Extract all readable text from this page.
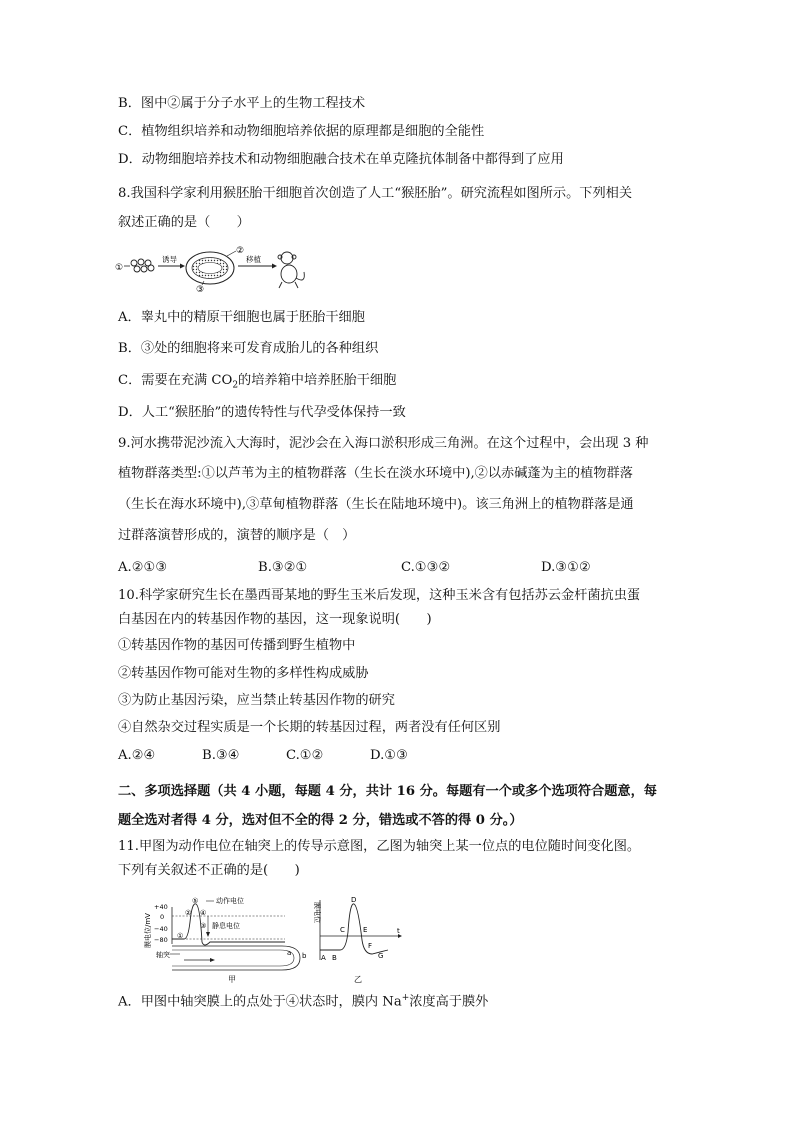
B．图中②属于分子水平上的生物工程技术
C．植物组织培养和动物细胞培养依据的原理都是细胞的全能性
D．动物细胞培养技术和动物细胞融合技术在单克隆抗体制备中都得到了应用
8.我国科学家利用猴胚胎干细胞首次创造了人工“猴胚胎”。研究流程如图所示。下列相关
叙述正确的是（　　）
①
诱导
②
③
移植
A．睾丸中的精原干细胞也属于胚胎干细胞
B．③处的细胞将来可发育成胎儿的各种组织
C．需要在充满 $CO_2$的培养箱中培养胚胎干细胞
D．人工“猴胚胎”的遗传特性与代孕受体保持一致
9.河水携带泥沙流入大海时，泥沙会在入海口淤积形成三角洲。在这个过程中，会出现 3 种
植物群落类型:①以芦苇为主的植物群落（生长在淡水环境中),②以赤碱蓬为主的植物群落
（生长在海水环境中),③草甸植物群落（生长在陆地环境中)。该三角洲上的植物群落是通
过群落演替形成的，演替的顺序是（　）
A.②①③	B.③②①	C.①③②	D.③①②
10.科学家研究生长在墨西哥某地的野生玉米后发现，这种玉米含有包括苏云金杆菌抗虫蛋
白基因在内的转基因作物的基因，这一现象说明(　　)
①转基因作物的基因可传播到野生植物中
②转基因作物可能对生物的多样性构成威胁
③为防止基因污染，应当禁止转基因作物的研究
④自然杂交过程实质是一个长期的转基因过程，两者没有任何区别
A.②④	B.③④	C.①②	D.①③
二、多项选择题（共 4 小题，每题 4 分，共计 16 分。每题有一个或多个选项符合题意，每
题全选对者得 4 分，选对但不全的得 2 分，错选或不答的得 0 分。）
11.甲图为动作电位在轴突上的传导示意图，乙图为轴突上某一位点的电位随时间变化图。
下列有关叙述不正确的是(　　)
膜电位/mV
+40
0
−40
−80
⑤
② ④
①
③
动作电位
静息电位
轴突	a b
甲
膜电位
t
A B
C
D
E
F
G
乙
A．甲图中轴突膜上的点处于④状态时，膜内 Na+浓度高于膜外
